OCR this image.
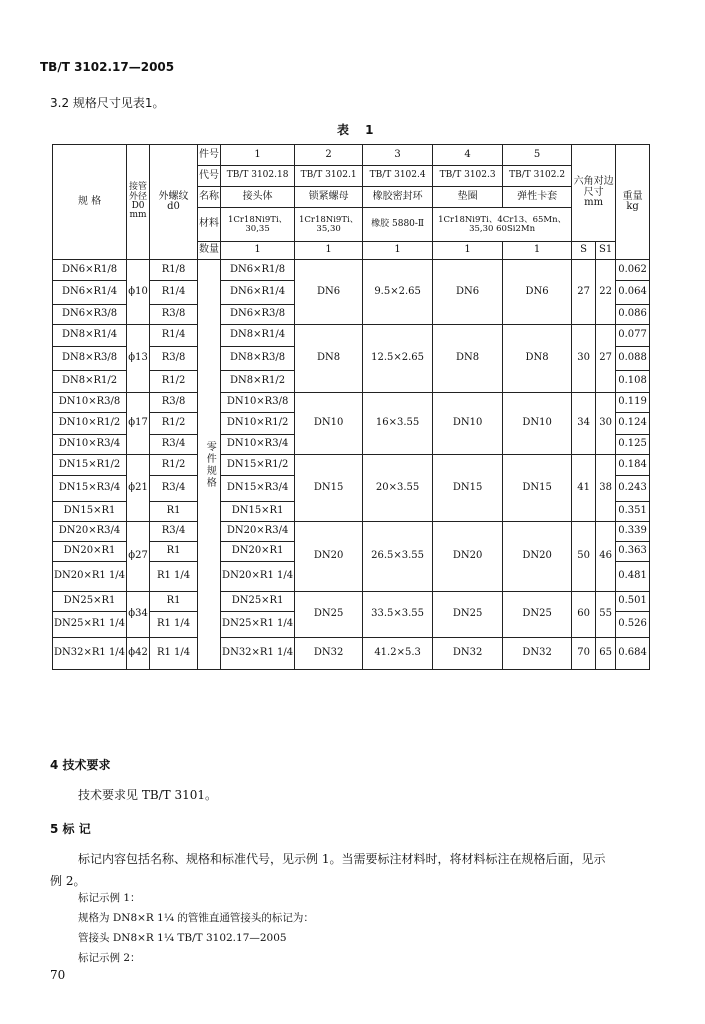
TB/T 3102.17—2005
3.2 规格尺寸见表1。
表 1
规 格	接管外径 D0 mm	外螺纹 d0	件号	1	2	3	4	5	六角对边尺寸 mm		重量 kg
			代号	TB/T 3102.18	TB/T 3102.1	TB/T 3102.4	TB/T 3102.3	TB/T 3102.2			
			名称	接头体	锁紧螺母	橡胶密封环	垫圈	弹性卡套			
			材料	1Cr18Ni9Ti、30,35	1Cr18Ni9Ti、35,30	橡胶 5880-Ⅱ	1Cr18Ni9Ti、4Cr13、65Mn、35,30 60Si2Mn				
			数量	1	1	1	1	1	S	S1	
DN6×R1/8	ϕ10	R1/8	零件规格	DN6×R1/8	DN6	9.5×2.65	DN6	DN6	27	22	0.062
DN6×R1/4		R1/4		DN6×R1/4							0.064
DN6×R3/8		R3/8		DN6×R3/8							0.086
DN8×R1/4	ϕ13	R1/4		DN8×R1/4	DN8	12.5×2.65	DN8	DN8	30	27	0.077
DN8×R3/8		R3/8		DN8×R3/8							0.088
DN8×R1/2		R1/2		DN8×R1/2							0.108
DN10×R3/8	ϕ17	R3/8		DN10×R3/8	DN10	16×3.55	DN10	DN10	34	30	0.119
DN10×R1/2		R1/2		DN10×R1/2							0.124
DN10×R3/4		R3/4		DN10×R3/4							0.125
DN15×R1/2	ϕ21	R1/2		DN15×R1/2	DN15	20×3.55	DN15	DN15	41	38	0.184
DN15×R3/4		R3/4		DN15×R3/4							0.243
DN15×R1		R1		DN15×R1							0.351
DN20×R3/4	ϕ27	R3/4		DN20×R3/4	DN20	26.5×3.55	DN20	DN20	50	46	0.339
DN20×R1		R1		DN20×R1							0.363
DN20×R1 1/4		R1 1/4		DN20×R1 1/4							0.481
DN25×R1	ϕ34	R1		DN25×R1	DN25	33.5×3.55	DN25	DN25	60	55	0.501
DN25×R1 1/4		R1 1/4		DN25×R1 1/4							0.526
DN32×R1 1/4	ϕ42	R1 1/4		DN32×R1 1/4	DN32	41.2×5.3	DN32	DN32	70	65	0.684
4 技术要求
技术要求见 TB/T 3101。
5 标 记
标记内容包括名称、规格和标准代号，见示例 1。当需要标注材料时，将材料标注在规格后面，见示
例 2。
标记示例 1：
规格为 DN8×R 1¼ 的管锥直通管接头的标记为：
管接头 DN8×R 1¼ TB/T 3102.17—2005
标记示例 2：
70
